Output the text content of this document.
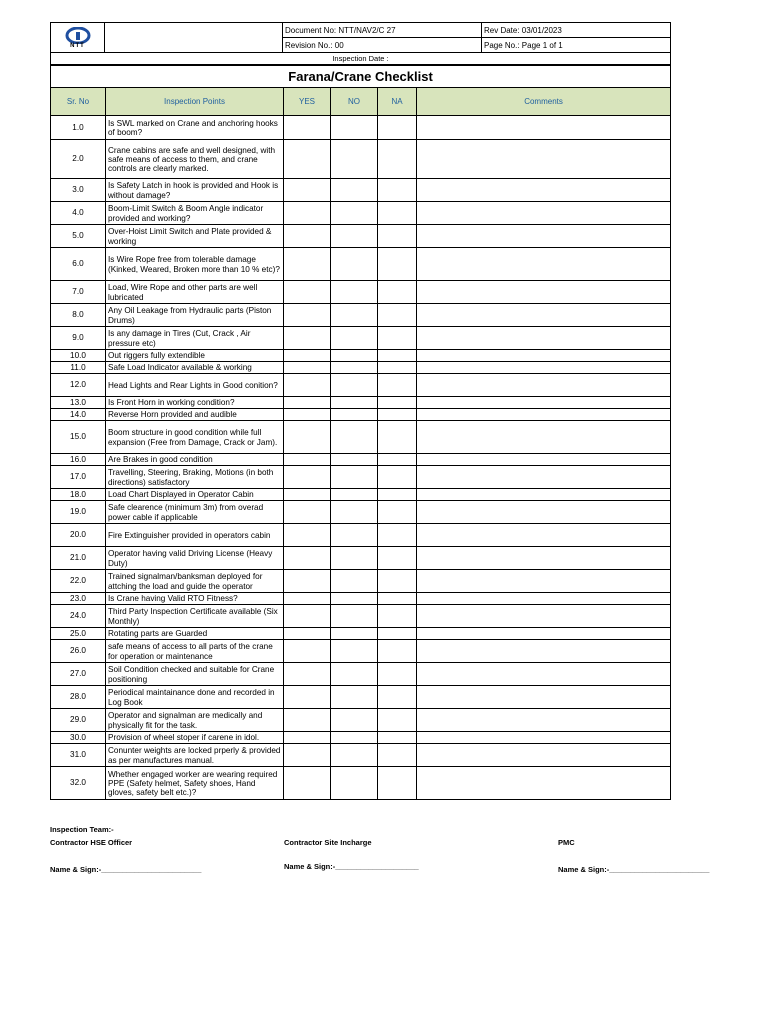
NTT		Document No: NTT/NAV2/C 27	Rev Date: 03/01/2023
		Revision No.: 00	Page No.: Page 1 of 1
Inspection Date :			
Farana/Crane Checklist					
Sr. No	Inspection Points	YES	NO	NA	Comments
1.0	Is SWL marked on Crane and anchoring hooks of boom?				
2.0	Crane cabins are safe and well designed, with safe means of access to them, and crane controls are clearly marked.				
3.0	Is Safety Latch in hook is provided and Hook is without damage?				
4.0	Boom-Limit Switch & Boom Angle indicator provided and working?				
5.0	Over-Hoist Limit Switch and Plate provided & working				
6.0	Is Wire Rope free from tolerable damage (Kinked, Weared, Broken more than 10 % etc)?				
7.0	Load, Wire Rope and other parts are well lubricated				
8.0	Any Oil Leakage from Hydraulic parts (Piston Drums)				
9.0	Is any damage in Tires (Cut, Crack , Air pressure etc)				
10.0	Out riggers fully extendible				
11.0	Safe Load Indicator available & working				
12.0	Head Lights and Rear Lights in Good conition?				
13.0	Is Front Horn in working condition?				
14.0	Reverse Horn provided and audible				
15.0	Boom structure in good condition while full expansion (Free from Damage, Crack or Jam).				
16.0	Are Brakes in good condition				
17.0	Travelling, Steering, Braking, Motions (in both directions) satisfactory				
18.0	Load Chart Displayed in Operator Cabin				
19.0	Safe clearence (minimum 3m) from overad power cable if applicable				
20.0	Fire Extinguisher provided in operators cabin				
21.0	Operator having valid Driving License (Heavy Duty)				
22.0	Trained signalman/banksman deployed for attching the load and guide the operator				
23.0	Is Crane having Valid RTO Fitness?				
24.0	Third Party Inspection Certificate available (Six Monthly)				
25.0	Rotating parts are Guarded				
26.0	safe means of access to all parts of the crane for operation or maintenance				
27.0	Soil Condition checked and suitable for Crane positioning				
28.0	Periodical maintainance done and recorded in Log Book				
29.0	Operator and signalman are medically and physically fit for the task.				
30.0	Provision of wheel stoper if carene in idol.				
31.0	Conunter weights are locked prperly & provided as per manufactures manual.				
32.0	Whether engaged worker are wearing required PPE (Safety helmet, Safety shoes, Hand gloves, safety belt etc.)?				
Inspection Team:-
Contractor HSE Officer	Contractor Site Incharge	PMC
Name & Sign:-________________________	Name & Sign:-____________________	Name & Sign:-________________________
